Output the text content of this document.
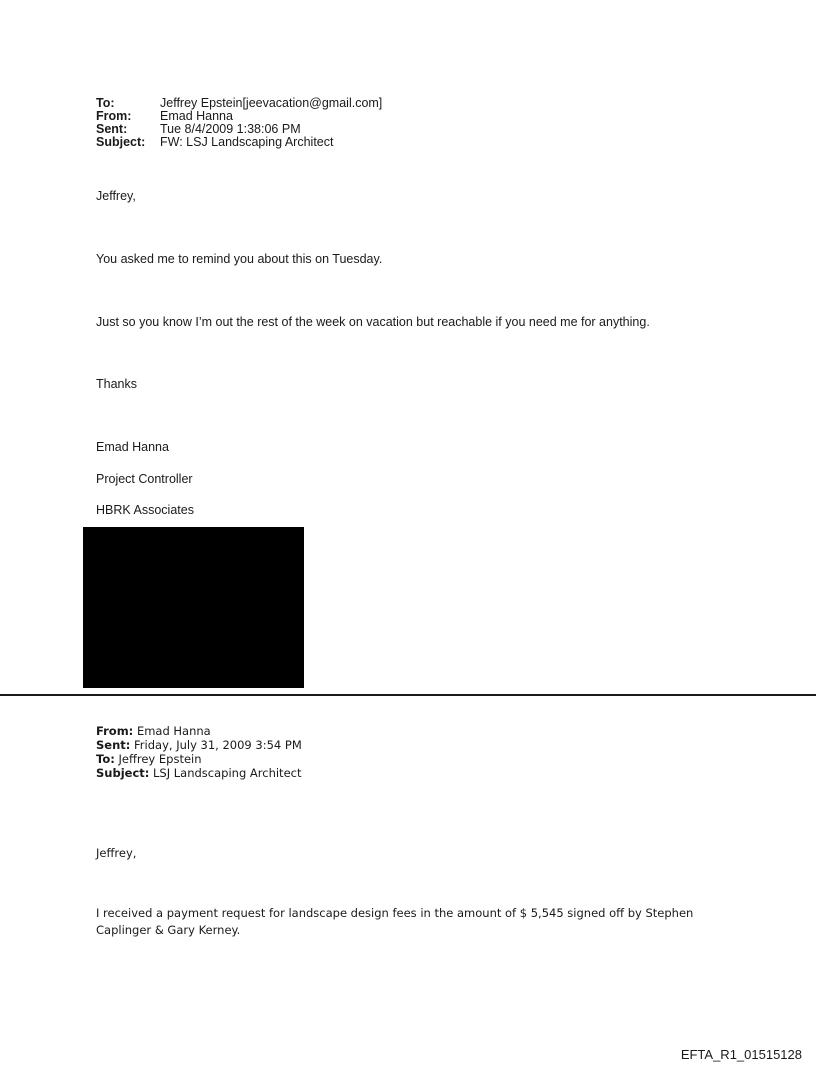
To:	Jeffrey Epstein[jeevacation@gmail.com]
From:	Emad Hanna
Sent:	Tue 8/4/2009 1:38:06 PM
Subject:	FW: LSJ Landscaping Architect
Jeffrey,
You asked me to remind you about this on Tuesday.
Just so you know I’m out the rest of the week on vacation but reachable if you need me for anything.
Thanks
Emad Hanna
Project Controller
HBRK Associates
From: Emad Hanna
Sent: Friday, July 31, 2009 3:54 PM
To: Jeffrey Epstein
Subject: LSJ Landscaping Architect
Jeffrey,
I received a payment request for landscape design fees in the amount of $ 5,545 signed off by Stephen Caplinger & Gary Kerney.
EFTA_R1_01515128
